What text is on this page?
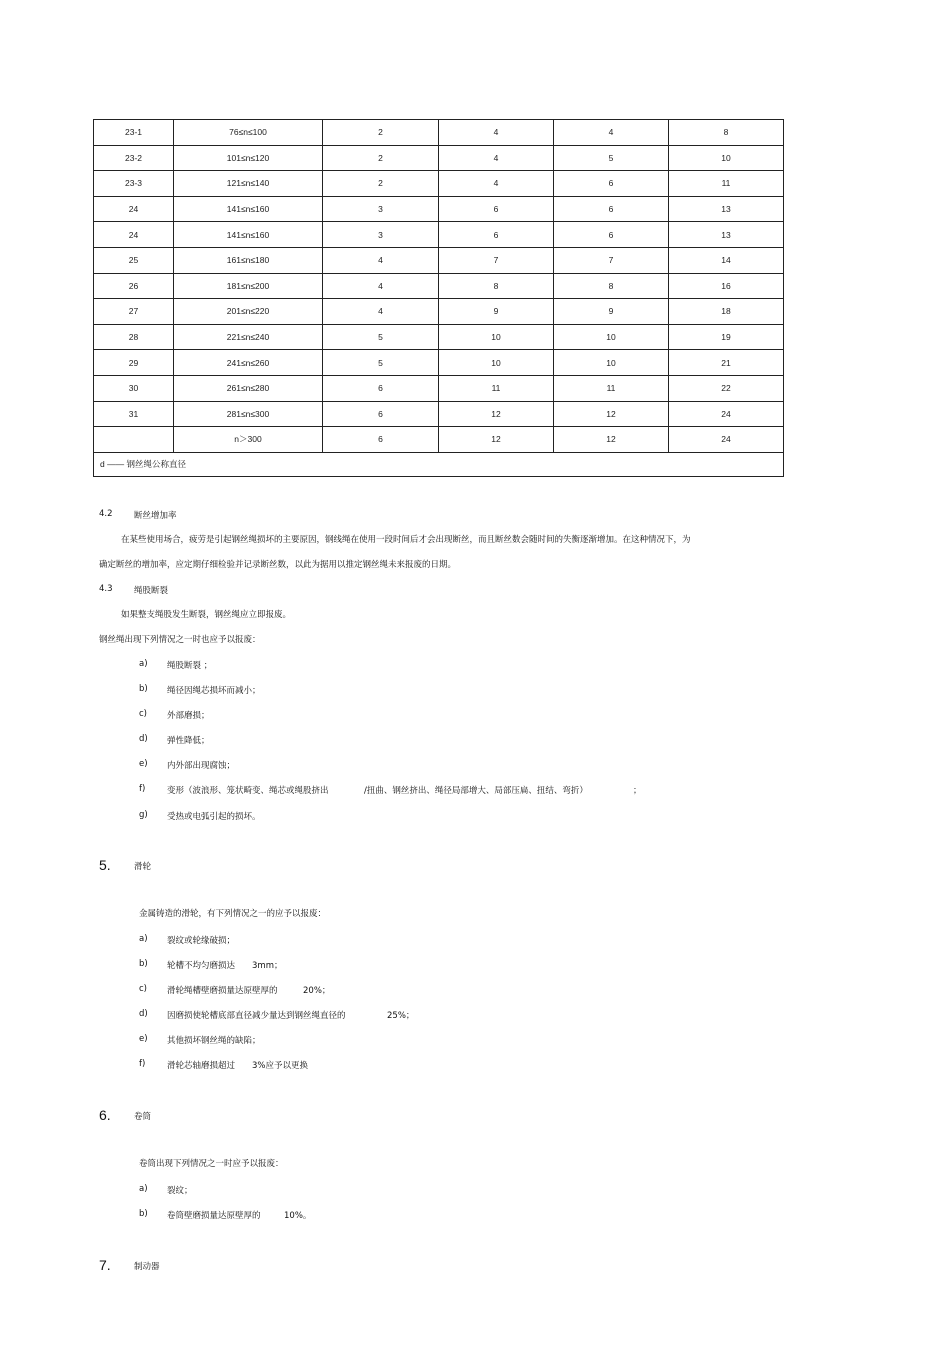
23-1	76≤n≤100	2	4	4	8
23-2	101≤n≤120	2	4	5	10
23-3	121≤n≤140	2	4	6	11
24	141≤n≤160	3	6	6	13
24	141≤n≤160	3	6	6	13
25	161≤n≤180	4	7	7	14
26	181≤n≤200	4	8	8	16
27	201≤n≤220	4	9	9	18
28	221≤n≤240	5	10	10	19
29	241≤n≤260	5	10	10	21
30	261≤n≤280	6	11	11	22
31	281≤n≤300	6	12	12	24
	n＞300	6	12	12	24
d —— 钢丝绳公称直径					
4.2	断丝增加率
在某些使用场合，疲劳是引起钢丝绳损坏的主要原因，钢线绳在使用一段时间后才会出现断丝，而且断丝数会随时间的失衡逐渐增加。在这种情况下，为
确定断丝的增加率，应定期仔细检验并记录断丝数，以此为据用以推定钢丝绳未来报废的日期。
4.3	绳股断裂
如果整支绳股发生断裂，钢丝绳应立即报废。
钢丝绳出现下列情况之一时也应予以报废：
a) 绳股断裂 ；
b) 绳径因绳芯损坏而减小；
c) 外部磨损；
d) 弹性降低；
e) 内外部出现腐蚀；
f)	变形（波浪形、笼状畸变、绳芯或绳股挤出	/扭曲、钢丝挤出、绳径局部增大、局部压扁、扭结、弯折）	；
g) 受热或电弧引起的损坏。
5.	滑轮
金属铸造的滑轮，有下列情况之一的应予以报废：
a) 裂纹或轮缘破损；
b) 轮槽不均匀磨损达 3mm；
c) 滑轮绳槽壁磨损量达原壁厚的	20%；
d) 因磨损使轮槽底部直径减少量达到钢丝绳直径的	25%；
e) 其他损坏钢丝绳的缺陷；
f)	滑轮芯轴磨损超过 3%应予以更换
6.	卷筒
卷筒出现下列情况之一时应予以报废：
a) 裂纹；
b) 卷筒壁磨损量达原壁厚的	10%。
7.	制动器
